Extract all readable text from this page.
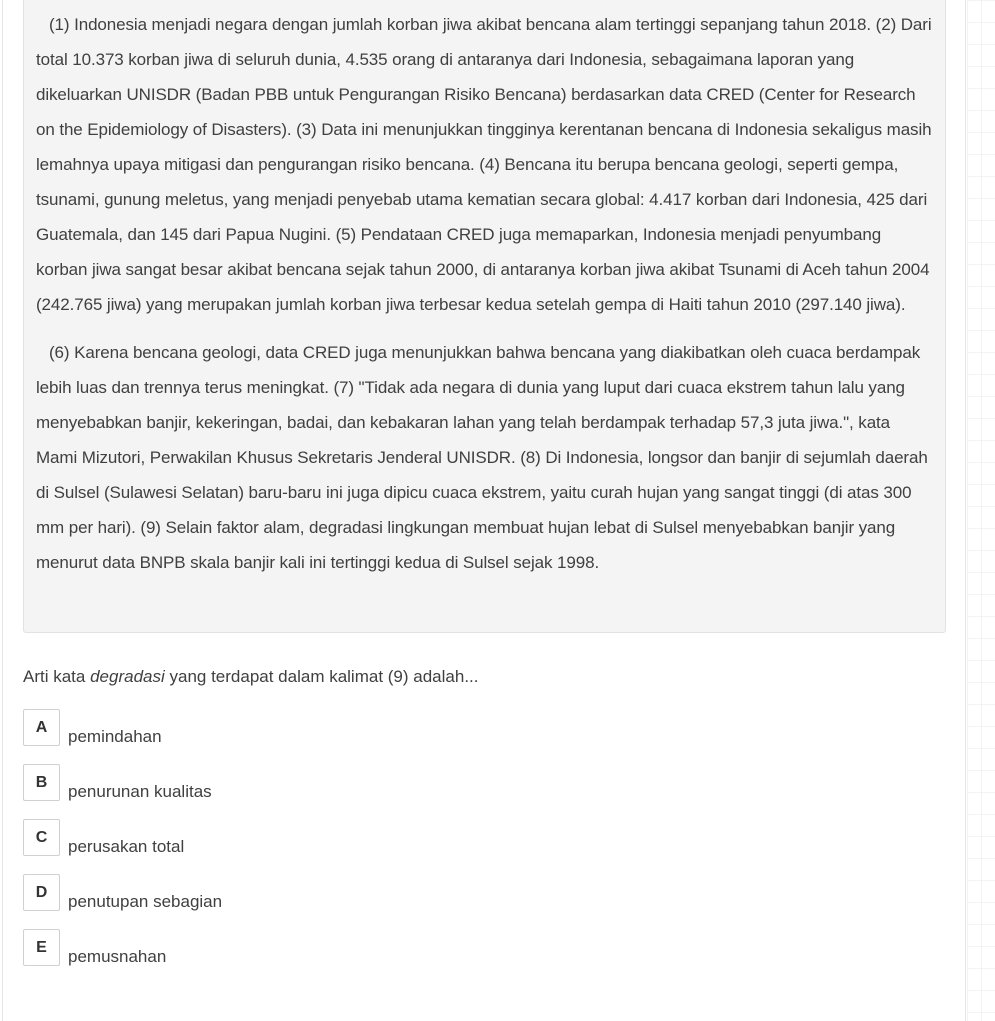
(1) Indonesia menjadi negara dengan jumlah korban jiwa akibat bencana alam tertinggi sepanjang tahun 2018. (2) Dari total 10.373 korban jiwa di seluruh dunia, 4.535 orang di antaranya dari Indonesia, sebagaimana laporan yang dikeluarkan UNISDR (Badan PBB untuk Pengurangan Risiko Bencana) berdasarkan data CRED (Center for Research on the Epidemiology of Disasters). (3) Data ini menunjukkan tingginya kerentanan bencana di Indonesia sekaligus masih lemahnya upaya mitigasi dan pengurangan risiko bencana. (4) Bencana itu berupa bencana geologi, seperti gempa, tsunami, gunung meletus, yang menjadi penyebab utama kematian secara global: 4.417 korban dari Indonesia, 425 dari Guatemala, dan 145 dari Papua Nugini. (5) Pendataan CRED juga memaparkan, Indonesia menjadi penyumbang korban jiwa sangat besar akibat bencana sejak tahun 2000, di antaranya korban jiwa akibat Tsunami di Aceh tahun 2004 (242.765 jiwa) yang merupakan jumlah korban jiwa terbesar kedua setelah gempa di Haiti tahun 2010 (297.140 jiwa).

(6) Karena bencana geologi, data CRED juga menunjukkan bahwa bencana yang diakibatkan oleh cuaca berdampak lebih luas dan trennya terus meningkat. (7) "Tidak ada negara di dunia yang luput dari cuaca ekstrem tahun lalu yang menyebabkan banjir, kekeringan, badai, dan kebakaran lahan yang telah berdampak terhadap 57,3 juta jiwa.", kata Mami Mizutori, Perwakilan Khusus Sekretaris Jenderal UNISDR. (8) Di Indonesia, longsor dan banjir di sejumlah daerah di Sulsel (Sulawesi Selatan) baru-baru ini juga dipicu cuaca ekstrem, yaitu curah hujan yang sangat tinggi (di atas 300 mm per hari). (9) Selain faktor alam, degradasi lingkungan membuat hujan lebat di Sulsel menyebabkan banjir yang menurut data BNPB skala banjir kali ini tertinggi kedua di Sulsel sejak 1998.

Arti kata degradasi yang terdapat dalam kalimat (9) adalah...

A	pemindahan
B	penurunan kualitas
C	perusakan total
D	penutupan sebagian
E	pemusnahan
